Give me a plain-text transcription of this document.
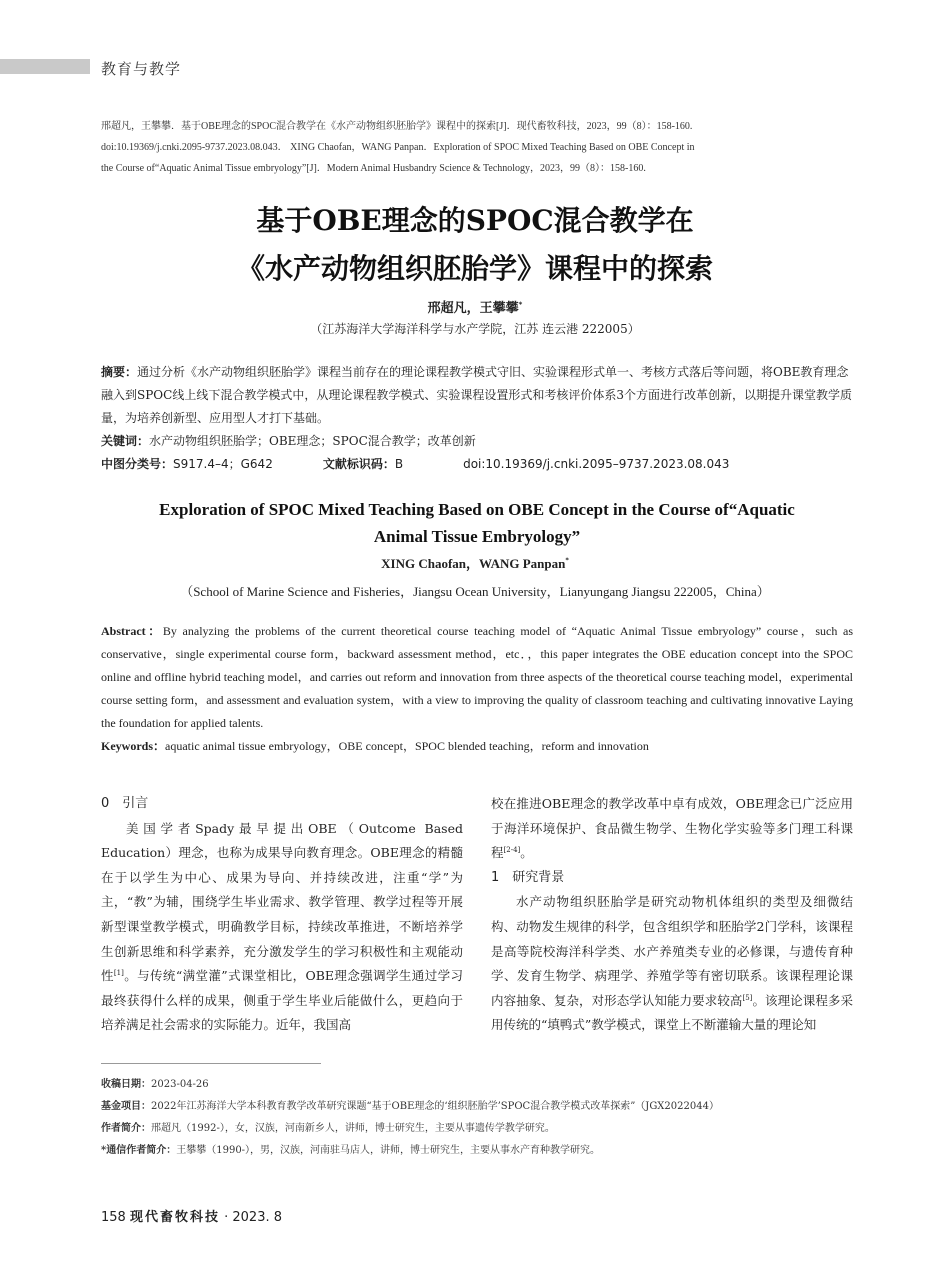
教育与教学

邢超凡，王攀攀．基于OBE理念的SPOC混合教学在《水产动物组织胚胎学》课程中的探索[J]．现代畜牧科技，2023，99（8）：158-160.

doi:10.19369/j.cnki.2095-9737.2023.08.043． XING Chaofan，WANG Panpan．Exploration of SPOC Mixed Teaching Based on OBE Concept in

the Course of“Aquatic Animal Tissue embryology”[J]．Modern Animal Husbandry Science & Technology，2023，99（8）：158-160.

基于OBE理念的SPOC混合教学在
《水产动物组织胚胎学》课程中的探索
邢超凡，王攀攀*
（江苏海洋大学海洋科学与水产学院，江苏 连云港 222005）

摘要：通过分析《水产动物组织胚胎学》课程当前存在的理论课程教学模式守旧、实验课程形式单一、考核方式落后等问题，将OBE教育理念融入到SPOC线上线下混合教学模式中，从理论课程教学模式、实验课程设置形式和考核评价体系3个方面进行改革创新，以期提升课堂教学质量，为培养创新型、应用型人才打下基础。

关键词：水产动物组织胚胎学；OBE理念；SPOC混合教学；改革创新

中图分类号：S917.4–4；G642	文献标识码：B	doi:10.19369/j.cnki.2095–9737.2023.08.043

Exploration of SPOC Mixed Teaching Based on OBE Concept in the Course of“Aquatic
Animal Tissue Embryology”
XING Chaofan，WANG Panpan*
（School of Marine Science and Fisheries，Jiangsu Ocean University，Lianyungang Jiangsu 222005，China）

Abstract：By analyzing the problems of the current theoretical course teaching model of “Aquatic Animal Tissue embryology” course，such as conservative，single experimental course form，backward assessment method，etc．，this paper integrates the OBE education concept into the SPOC online and offline hybrid teaching model，and carries out reform and innovation from three aspects of the theoretical course teaching model，experimental course setting form，and assessment and evaluation system，with a view to improving the quality of classroom teaching and cultivating innovative Laying the foundation for applied talents.

Keywords：aquatic animal tissue embryology，OBE concept，SPOC blended teaching，reform and innovation

0　引言

美国学者Spady最早提出OBE（Outcome Based Education）理念，也称为成果导向教育理念。OBE理念的精髓在于以学生为中心、成果为导向、并持续改进，注重“学”为主，“教”为辅，围绕学生毕业需求、教学管理、教学过程等开展新型课堂教学模式，明确教学目标，持续改革推进，不断培养学生创新思维和科学素养，充分激发学生的学习积极性和主观能动性[1]。与传统“满堂灌”式课堂相比，OBE理念强调学生通过学习最终获得什么样的成果，侧重于学生毕业后能做什么，更趋向于培养满足社会需求的实际能力。近年，我国高

校在推进OBE理念的教学改革中卓有成效，OBE理念已广泛应用于海洋环境保护、食品微生物学、生物化学实验等多门理工科课程[2-4]。

1　研究背景

水产动物组织胚胎学是研究动物机体组织的类型及细微结构、动物发生规律的科学，包含组织学和胚胎学2门学科，该课程是高等院校海洋科学类、水产养殖类专业的必修课，与遗传育种学、发育生物学、病理学、养殖学等有密切联系。该课程理论课内容抽象、复杂，对形态学认知能力要求较高[5]。该理论课程多采用传统的“填鸭式”教学模式，课堂上不断灌输大量的理论知

收稿日期：2023-04-26

基金项目：2022年江苏海洋大学本科教育教学改革研究课题“基于OBE理念的‘组织胚胎学’SPOC混合教学模式改革探索”（JGX2022044）

作者简介：邢超凡（1992-），女，汉族，河南新乡人，讲师，博士研究生，主要从事遗传学教学研究。

*通信作者简介：王攀攀（1990-），男，汉族，河南驻马店人，讲师，博士研究生，主要从事水产育种教学研究。

158 现代畜牧科技 · 2023. 8
